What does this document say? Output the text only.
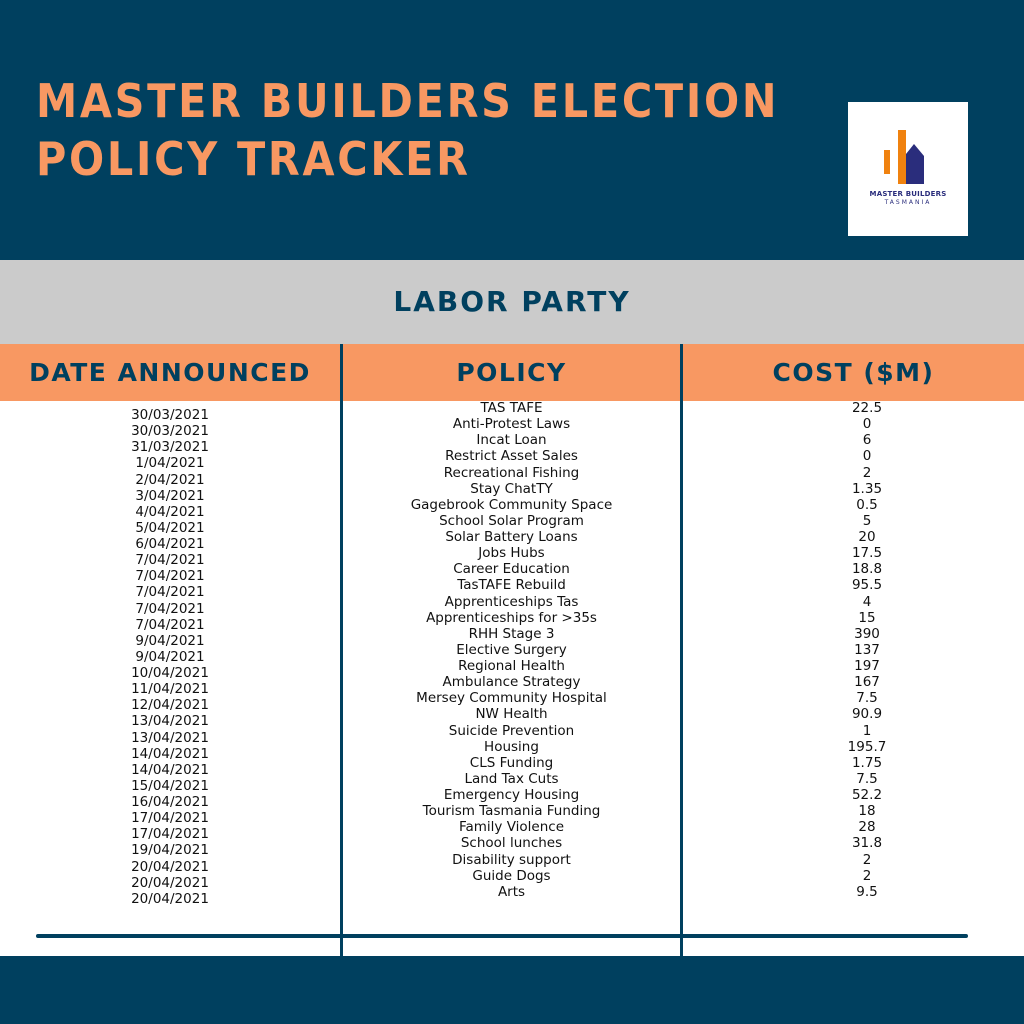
MASTER BUILDERS ELECTION
POLICY TRACKER
MASTER BUILDERS
TASMANIA
LABOR PARTY
DATE ANNOUNCED	POLICY	COST ($M)
30/03/2021
30/03/2021
31/03/2021
1/04/2021
2/04/2021
3/04/2021
4/04/2021
5/04/2021
6/04/2021
7/04/2021
7/04/2021
7/04/2021
7/04/2021
7/04/2021
9/04/2021
9/04/2021
10/04/2021
11/04/2021
12/04/2021
13/04/2021
13/04/2021
14/04/2021
14/04/2021
15/04/2021
16/04/2021
17/04/2021
17/04/2021
19/04/2021
20/04/2021
20/04/2021
20/04/2021
TAS TAFE
Anti-Protest Laws
Incat Loan
Restrict Asset Sales
Recreational Fishing
Stay ChatTY
Gagebrook Community Space
School Solar Program
Solar Battery Loans
Jobs Hubs
Career Education
TasTAFE Rebuild
Apprenticeships Tas
Apprenticeships for >35s
RHH Stage 3
Elective Surgery
Regional Health
Ambulance Strategy
Mersey Community Hospital
NW Health
Suicide Prevention
Housing
CLS Funding
Land Tax Cuts
Emergency Housing
Tourism Tasmania Funding
Family Violence
School lunches
Disability support
Guide Dogs
Arts
22.5
0
6
0
2
1.35
0.5
5
20
17.5
18.8
95.5
4
15
390
137
197
167
7.5
90.9
1
195.7
1.75
7.5
52.2
18
28
31.8
2
2
9.5
